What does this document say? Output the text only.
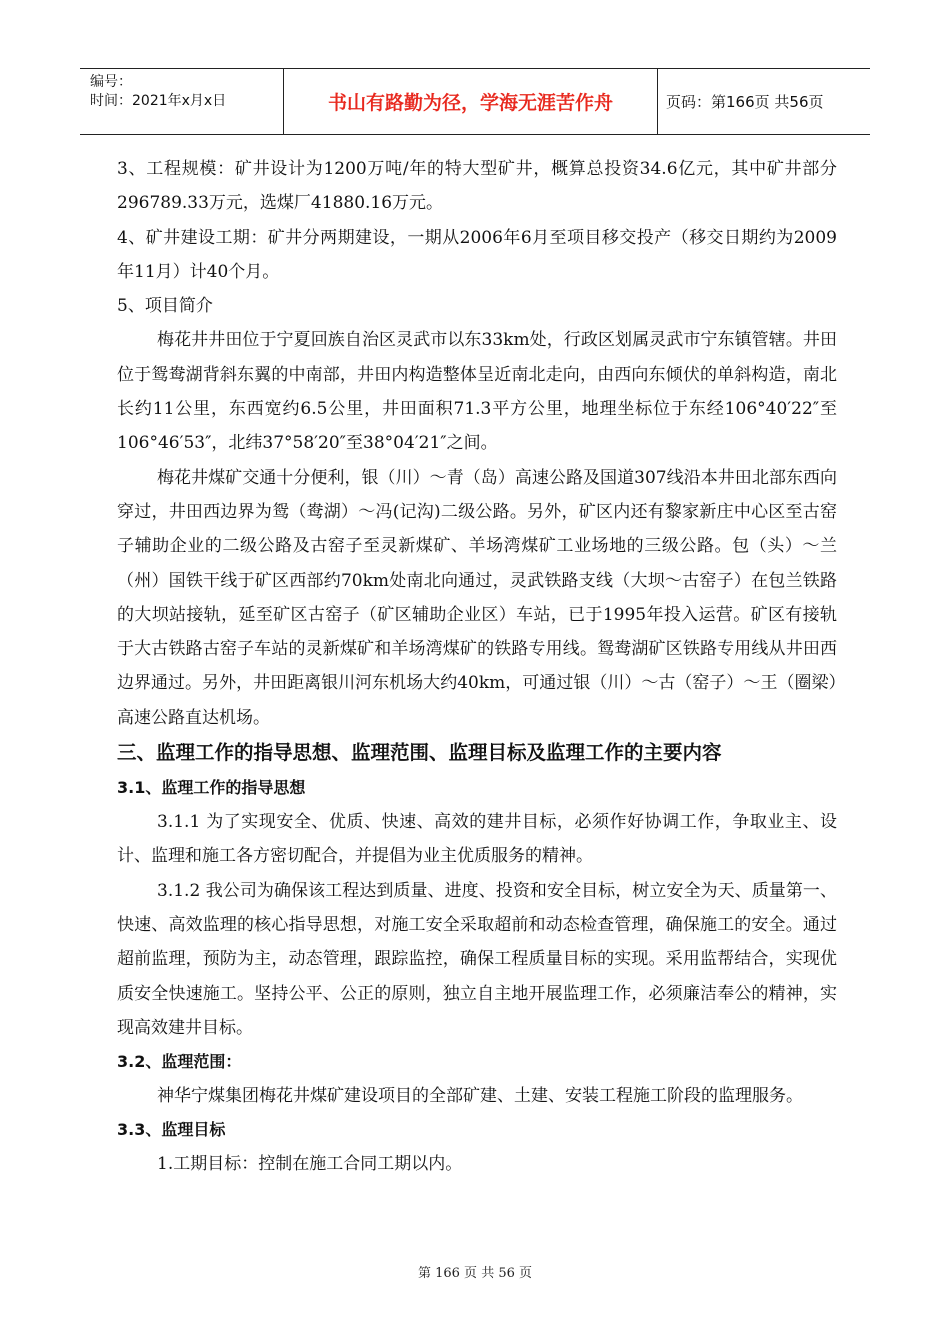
编号：
时间：2021年x月x日	书山有路勤为径，学海无涯苦作舟	页码：第166页 共56页

3、工程规模：矿井设计为1200万吨/年的特大型矿井，概算总投资34.6亿元，其中矿井部分296789.33万元，选煤厂41880.16万元。

4、矿井建设工期：矿井分两期建设，一期从2006年6月至项目移交投产（移交日期约为2009年11月）计40个月。

5、项目简介

梅花井井田位于宁夏回族自治区灵武市以东33km处，行政区划属灵武市宁东镇管辖。井田位于鸳鸯湖背斜东翼的中南部，井田内构造整体呈近南北走向，由西向东倾伏的单斜构造，南北长约11公里，东西宽约6.5公里，井田面积71.3平方公里，地理坐标位于东经106°40′22″至106°46′53″，北纬37°58′20″至38°04′21″之间。

梅花井煤矿交通十分便利，银（川）～青（岛）高速公路及国道307线沿本井田北部东西向穿过，井田西边界为鸳（鸯湖）～冯(记沟)二级公路。另外，矿区内还有黎家新庄中心区至古窑子辅助企业的二级公路及古窑子至灵新煤矿、羊场湾煤矿工业场地的三级公路。包（头）～兰（州）国铁干线于矿区西部约70km处南北向通过，灵武铁路支线（大坝～古窑子）在包兰铁路的大坝站接轨，延至矿区古窑子（矿区辅助企业区）车站，已于1995年投入运营。矿区有接轨于大古铁路古窑子车站的灵新煤矿和羊场湾煤矿的铁路专用线。鸳鸯湖矿区铁路专用线从井田西边界通过。另外，井田距离银川河东机场大约40km，可通过银（川）～古（窑子）～王（圈梁）高速公路直达机场。

三、监理工作的指导思想、监理范围、监理目标及监理工作的主要内容
3.1、监理工作的指导思想

3.1.1 为了实现安全、优质、快速、高效的建井目标，必须作好协调工作，争取业主、设计、监理和施工各方密切配合，并提倡为业主优质服务的精神。

3.1.2 我公司为确保该工程达到质量、进度、投资和安全目标，树立安全为天、质量第一、快速、高效监理的核心指导思想，对施工安全采取超前和动态检查管理，确保施工的安全。通过超前监理，预防为主，动态管理，跟踪监控，确保工程质量目标的实现。采用监帮结合，实现优质安全快速施工。坚持公平、公正的原则，独立自主地开展监理工作，必须廉洁奉公的精神，实现高效建井目标。

3.2、监理范围：

神华宁煤集团梅花井煤矿建设项目的全部矿建、土建、安装工程施工阶段的监理服务。

3.3、监理目标

1.工期目标：控制在施工合同工期以内。

第 166 页 共 56 页
